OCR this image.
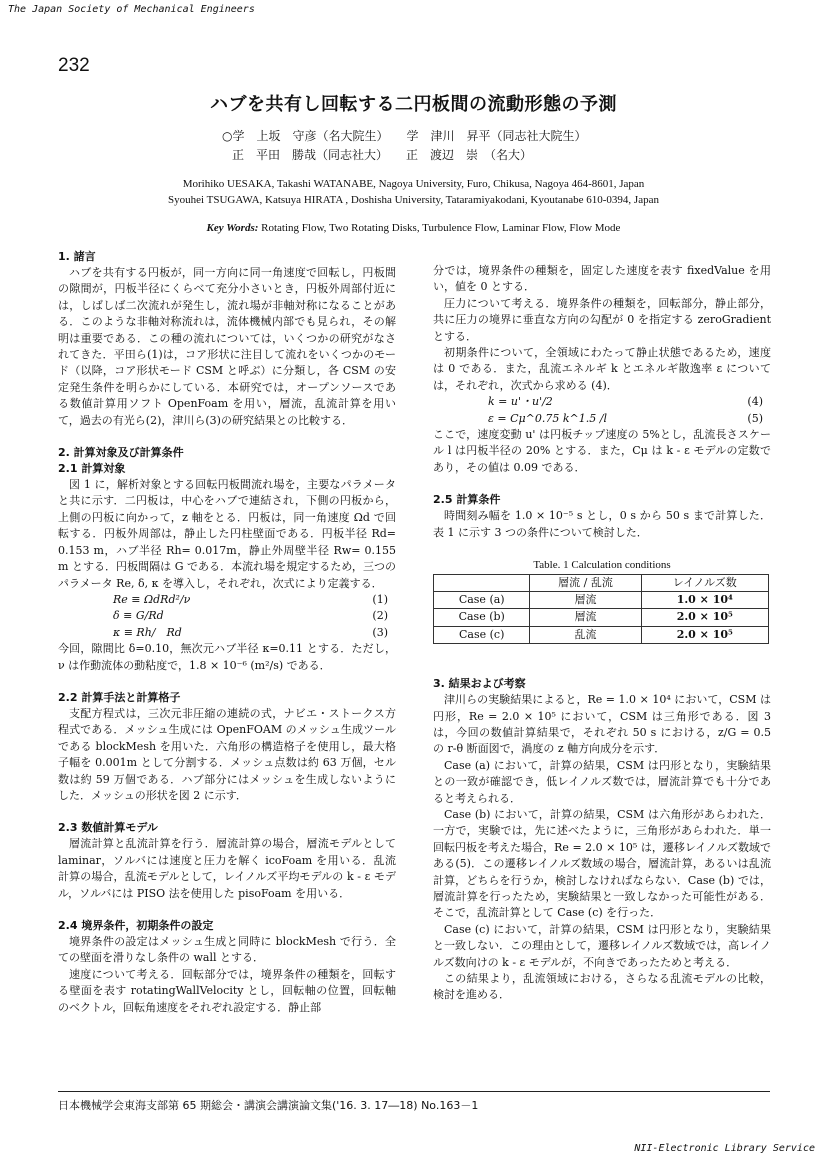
The Japan Society of Mechanical Engineers
232
ハブを共有し回転する二円板間の流動形態の予測
○学　上坂　守彦（名大院生）　　学　津川　昇平（同志社大院生）
正　平田　勝哉（同志社大）　　正　渡辺　崇　（名大）
Morihiko UESAKA, Takashi WATANABE, Nagoya University, Furo, Chikusa, Nagoya 464-8601, Japan
Syouhei TSUGAWA, Katsuya HIRATA , Doshisha University, Tataramiyakodani, Kyoutanabe 610-0394, Japan
Key Words: Rotating Flow, Two Rotating Disks, Turbulence Flow, Laminar Flow, Flow Mode
1. 諸言

ハブを共有する円板が，同一方向に同一角速度で回転し，円板間の隙間が，円板半径にくらべて充分小さいとき，円板外周部付近には，しばしば二次流れが発生し，流れ場が非軸対称になることがある．このような非軸対称流れは，流体機械内部でも見られ，その解明は重要である．この種の流れについては，いくつかの研究がなされてきた．平田ら(1)は，コア形状に注目して流れをいくつかのモード（以降，コア形状モード CSM と呼ぶ）に分類し，各 CSM の安定発生条件を明らかにしている．本研究では，オープンソースである数値計算用ソフト OpenFoam を用い，層流，乱流計算を用いて，過去の有光ら(2)，津川ら(3)の研究結果との比較する．

2. 計算対象及び計算条件
2.1 計算対象

図 1 に，解析対象とする回転円板間流れ場を，主要なパラメータと共に示す．二円板は，中心をハブで連結され，下側の円板から，上側の円板に向かって，z 軸をとる．円板は，同一角速度 Ωd で回転する．円板外周部は，静止した円柱壁面である．円板半径 Rd= 0.153 m，ハブ半径 Rh= 0.017m，静止外周壁半径 Rw= 0.155 m とする．円板間隔は G である．本流れ場を規定するため，三つのパラメータ Re, δ, κ を導入し，それぞれ，次式により定義する．

Re ≡ ΩdRd²/ν	(1)
δ ≡ G/Rd	(2)
κ ≡ Rh/　Rd	(3)

今回，隙間比 δ=0.10，無次元ハブ半径 κ=0.11 とする．ただし，ν は作動流体の動粘度で，1.8 × 10⁻⁶ (m²/s) である．

2.2 計算手法と計算格子

支配方程式は，三次元非圧縮の連続の式，ナビエ・ストークス方程式である．メッシュ生成には OpenFOAM のメッシュ生成ツールである blockMesh を用いた．六角形の構造格子を使用し，最大格子幅を 0.001m として分割する．メッシュ点数は約 63 万個，セル数は約 59 万個である．ハブ部分にはメッシュを生成しないようにした．メッシュの形状を図 2 に示す．

2.3 数値計算モデル

層流計算と乱流計算を行う．層流計算の場合，層流モデルとして laminar，ソルバには速度と圧力を解く icoFoam を用いる．乱流計算の場合，乱流モデルとして，レイノルズ平均モデルの k - ε モデル，ソルバには PISO 法を使用した pisoFoam を用いる．

2.4 境界条件，初期条件の設定

境界条件の設定はメッシュ生成と同時に blockMesh で行う．全ての壁面を滑りなし条件の wall とする．

速度について考える．回転部分では，境界条件の種類を，回転する壁面を表す rotatingWallVelocity とし，回転軸の位置，回転軸のベクトル，回転角速度をそれぞれ設定する．静止部

分では，境界条件の種類を，固定した速度を表す fixedValue を用い，値を 0 とする．

圧力について考える．境界条件の種類を，回転部分，静止部分，共に圧力の境界に垂直な方向の勾配が 0 を指定する zeroGradient とする．

初期条件について，全領域にわたって静止状態であるため，速度は 0 である．また，乱流エネルギ k とエネルギ散逸率 ε については，それぞれ，次式から求める (4)．

k = u'・u'/2	(4)
ε = Cμ^0.75 k^1.5 /l	(5)

ここで，速度変動 u' は円板チップ速度の 5%とし，乱流長さスケール l は円板半径の 20% とする．また，Cμ は k - ε モデルの定数であり，その値は 0.09 である．

2.5 計算条件

時間刻み幅を 1.0 × 10⁻⁵ s とし，0 s から 50 s まで計算した．表 1 に示す 3 つの条件について検討した．

Table. 1 Calculation conditions
	層流 / 乱流	レイノルズ数
Case (a)	層流	1.0 × 10⁴
Case (b)	層流	2.0 × 10⁵
Case (c)	乱流	2.0 × 10⁵
3. 結果および考察

津川らの実験結果によると，Re = 1.0 × 10⁴ において，CSM は円形，Re = 2.0 × 10⁵ において，CSM は三角形である．図 3 は，今回の数値計算結果で，それぞれ 50 s における，z/G = 0.5 の r-θ 断面図で，渦度の z 軸方向成分を示す．

Case (a) において，計算の結果，CSM は円形となり，実験結果との一致が確認でき，低レイノルズ数では，層流計算でも十分であると考えられる．

Case (b) において，計算の結果，CSM は六角形があらわれた．一方で，実験では，先に述べたように，三角形があらわれた．単一回転円板を考えた場合，Re = 2.0 × 10⁵ は，遷移レイノルズ数域である(5)．この遷移レイノルズ数域の場合，層流計算，あるいは乱流計算，どちらを行うか，検討しなければならない．Case (b) では，層流計算を行ったため，実験結果と一致しなかった可能性がある．そこで，乱流計算として Case (c) を行った．

Case (c) において，計算の結果，CSM は円形となり，実験結果と一致しない．この理由として，遷移レイノルズ数域では，高レイノルズ数向けの k - ε モデルが，不向きであったためと考える．

この結果より，乱流領域における，さらなる乱流モデルの比較，検討を進める．

日本機械学会東海支部第 65 期総会・講演会講演論文集('16. 3. 17―18) No.163－1
NII-Electronic Library Service
